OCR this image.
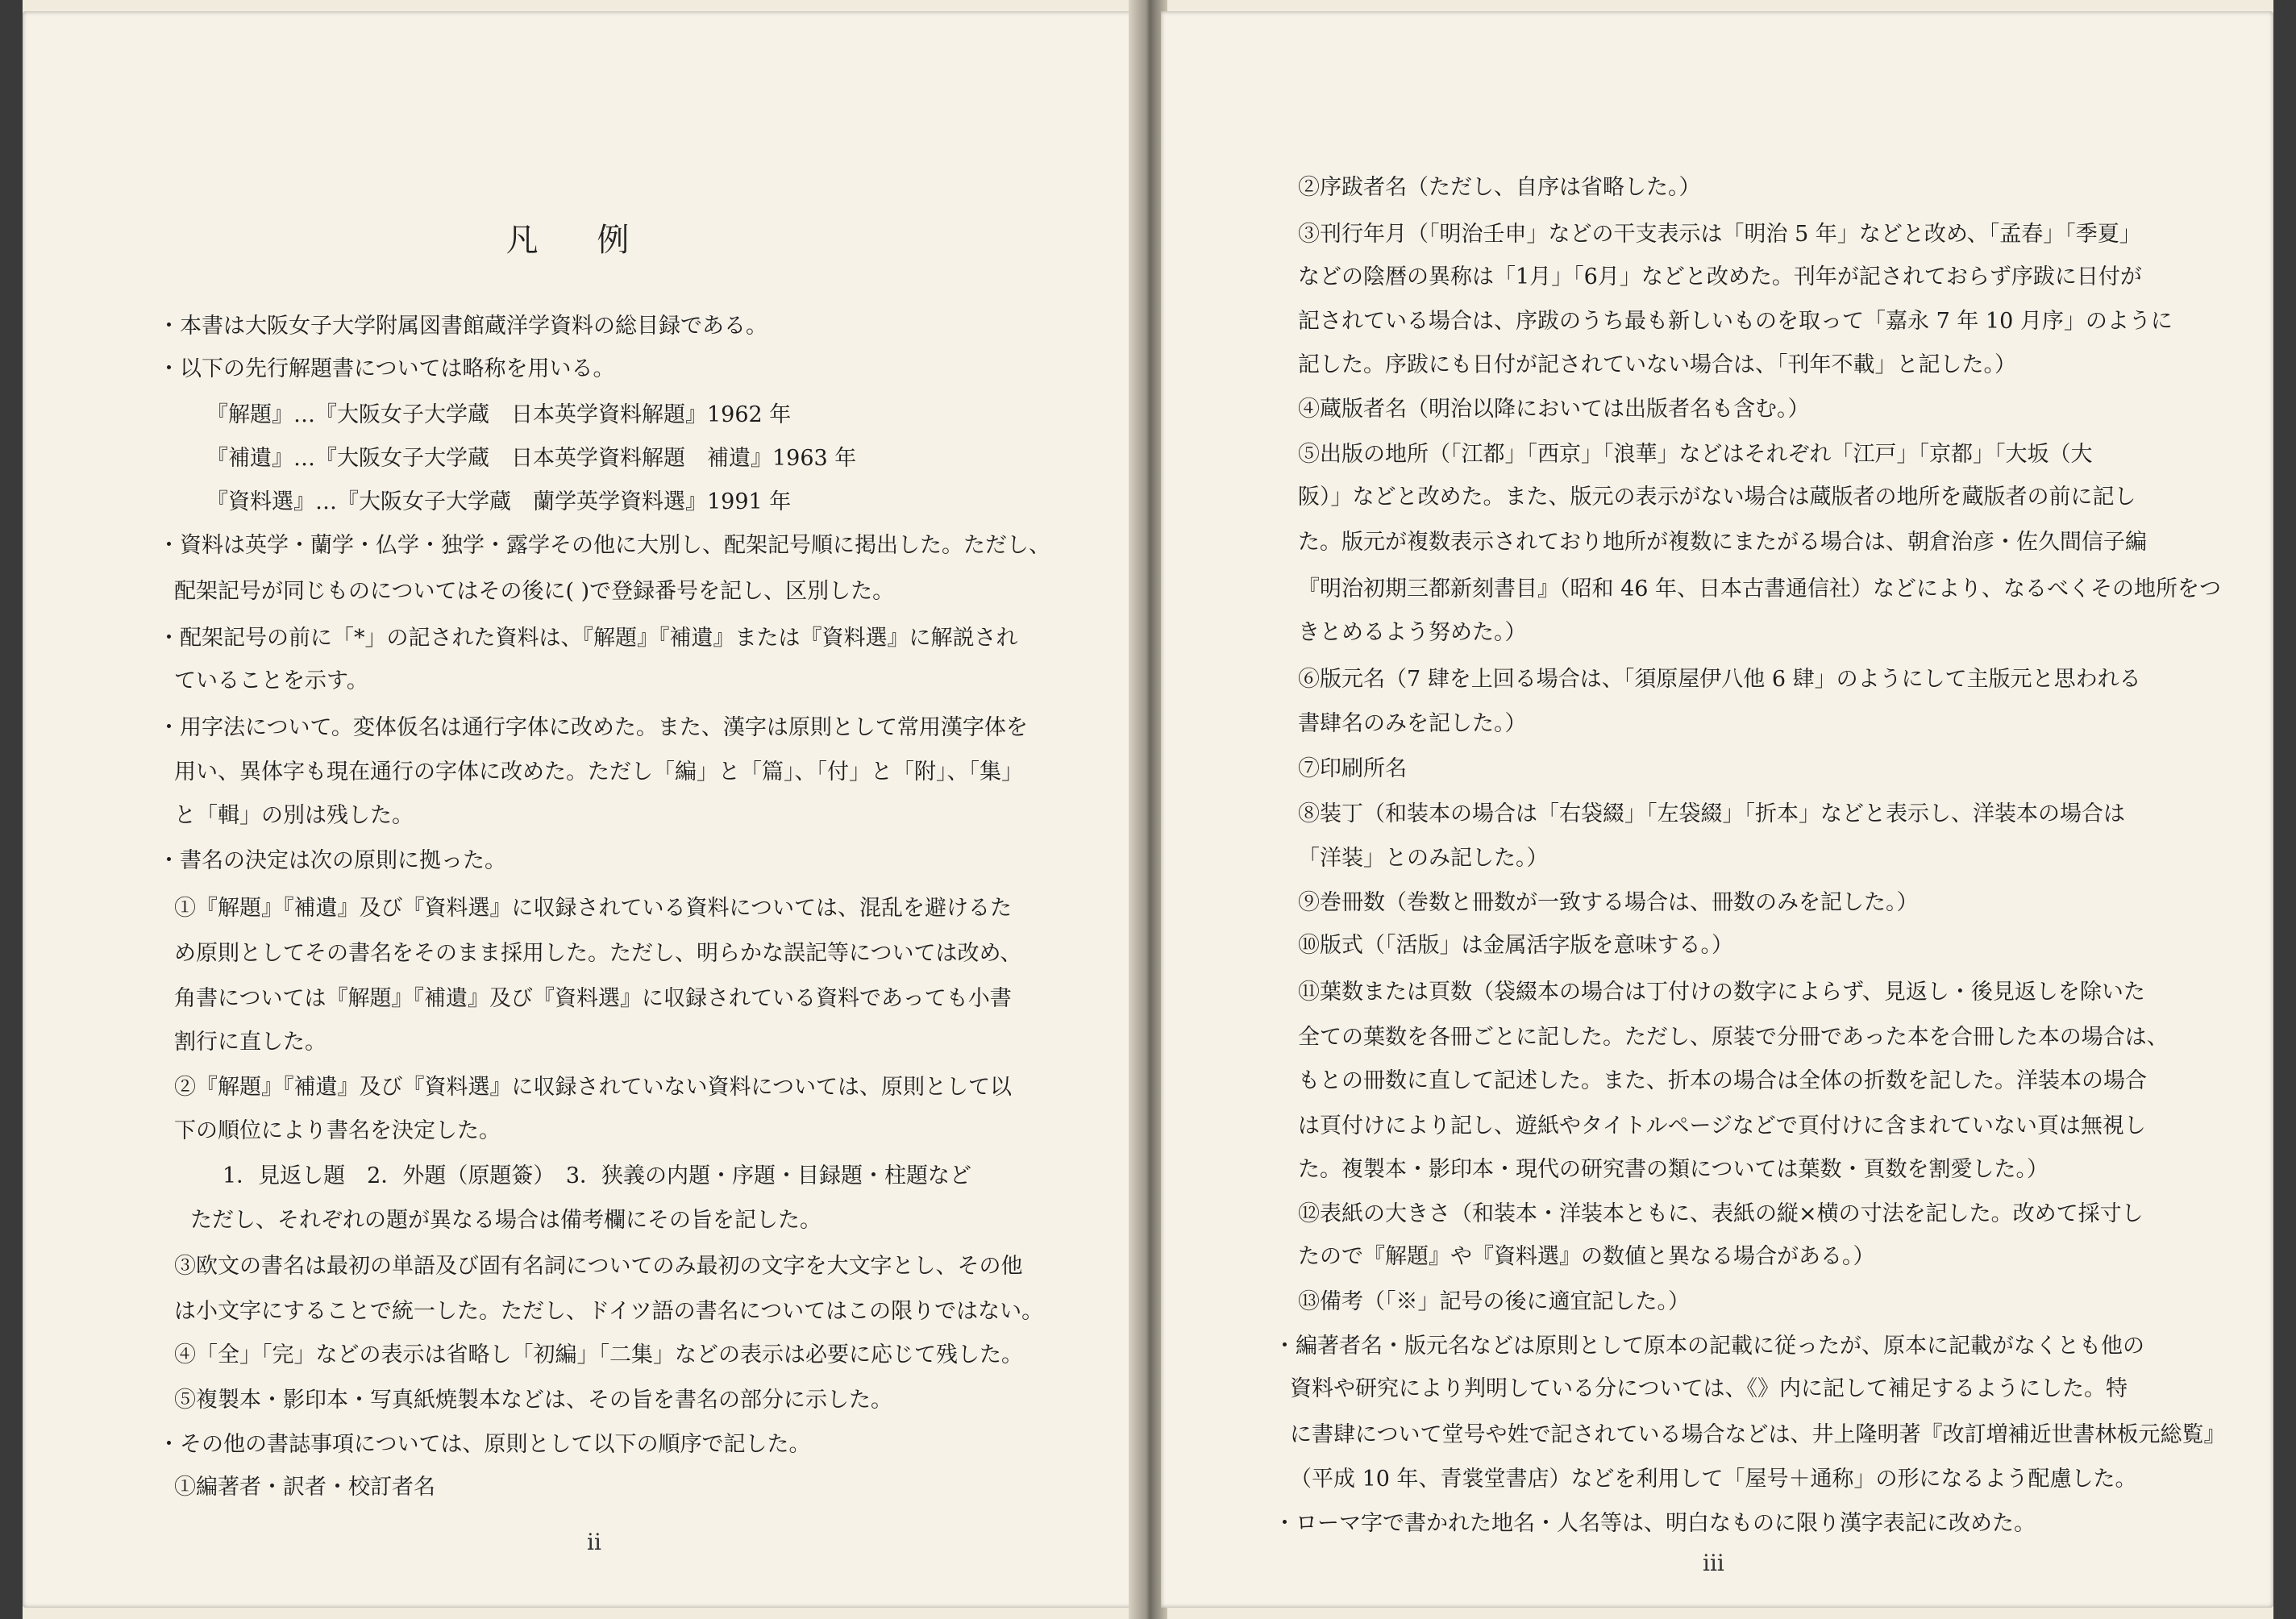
凡 例
・本書は大阪女子大学附属図書館蔵洋学資料の総目録である。
・以下の先行解題書については略称を用いる。
『解題』…『大阪女子大学蔵　日本英学資料解題』1962 年
『補遺』…『大阪女子大学蔵　日本英学資料解題　補遺』1963 年
『資料選』…『大阪女子大学蔵　蘭学英学資料選』1991 年
・資料は英学・蘭学・仏学・独学・露学その他に大別し、配架記号順に掲出した。ただし、
配架記号が同じものについてはその後に( )で登録番号を記し、区別した。
・配架記号の前に「*」の記された資料は、『解題』『補遺』または『資料選』に解説され
ていることを示す。
・用字法について。変体仮名は通行字体に改めた。また、漢字は原則として常用漢字体を
用い、異体字も現在通行の字体に改めた。ただし「編」と「篇」、「付」と「附」、「集」
と「輯」の別は残した。
・書名の決定は次の原則に拠った。
①『解題』『補遺』及び『資料選』に収録されている資料については、混乱を避けるた
め原則としてその書名をそのまま採用した。ただし、明らかな誤記等については改め、
角書については『解題』『補遺』及び『資料選』に収録されている資料であっても小書
割行に直した。
②『解題』『補遺』及び『資料選』に収録されていない資料については、原則として以
下の順位により書名を決定した。
1．見返し題　2．外題（原題簽）　3．狭義の内題・序題・目録題・柱題など
ただし、それぞれの題が異なる場合は備考欄にその旨を記した。
③欧文の書名は最初の単語及び固有名詞についてのみ最初の文字を大文字とし、その他
は小文字にすることで統一した。ただし、ドイツ語の書名についてはこの限りではない。
④「全」「完」などの表示は省略し「初編」「二集」などの表示は必要に応じて残した。
⑤複製本・影印本・写真紙焼製本などは、その旨を書名の部分に示した。
・その他の書誌事項については、原則として以下の順序で記した。
①編著者・訳者・校訂者名
ii
②序跋者名（ただし、自序は省略した。）
③刊行年月（「明治壬申」などの干支表示は「明治 5 年」などと改め、「孟春」「季夏」
などの陰暦の異称は「1月」「6月」などと改めた。刊年が記されておらず序跋に日付が
記されている場合は、序跋のうち最も新しいものを取って「嘉永 7 年 10 月序」のように
記した。序跋にも日付が記されていない場合は、「刊年不載」と記した。）
④蔵版者名（明治以降においては出版者名も含む。）
⑤出版の地所（「江都」「西京」「浪華」などはそれぞれ「江戸」「京都」「大坂（大
阪）」などと改めた。また、版元の表示がない場合は蔵版者の地所を蔵版者の前に記し
た。版元が複数表示されており地所が複数にまたがる場合は、朝倉治彦・佐久間信子編
『明治初期三都新刻書目』（昭和 46 年、日本古書通信社）などにより、なるべくその地所をつ
きとめるよう努めた。）
⑥版元名（7 肆を上回る場合は、「須原屋伊八他 6 肆」のようにして主版元と思われる
書肆名のみを記した。）
⑦印刷所名
⑧装丁（和装本の場合は「右袋綴」「左袋綴」「折本」などと表示し、洋装本の場合は
「洋装」とのみ記した。）
⑨巻冊数（巻数と冊数が一致する場合は、冊数のみを記した。）
⑩版式（「活版」は金属活字版を意味する。）
⑪葉数または頁数（袋綴本の場合は丁付けの数字によらず、見返し・後見返しを除いた
全ての葉数を各冊ごとに記した。ただし、原装で分冊であった本を合冊した本の場合は、
もとの冊数に直して記述した。また、折本の場合は全体の折数を記した。洋装本の場合
は頁付けにより記し、遊紙やタイトルページなどで頁付けに含まれていない頁は無視し
た。複製本・影印本・現代の研究書の類については葉数・頁数を割愛した。）
⑫表紙の大きさ（和装本・洋装本ともに、表紙の縦×横の寸法を記した。改めて採寸し
たので『解題』や『資料選』の数値と異なる場合がある。）
⑬備考（「※」記号の後に適宜記した。）
・編著者名・版元名などは原則として原本の記載に従ったが、原本に記載がなくとも他の
資料や研究により判明している分については、《》内に記して補足するようにした。特
に書肆について堂号や姓で記されている場合などは、井上隆明著『改訂増補近世書林板元総覧』
（平成 10 年、青裳堂書店）などを利用して「屋号＋通称」の形になるよう配慮した。
・ローマ字で書かれた地名・人名等は、明白なものに限り漢字表記に改めた。
iii
